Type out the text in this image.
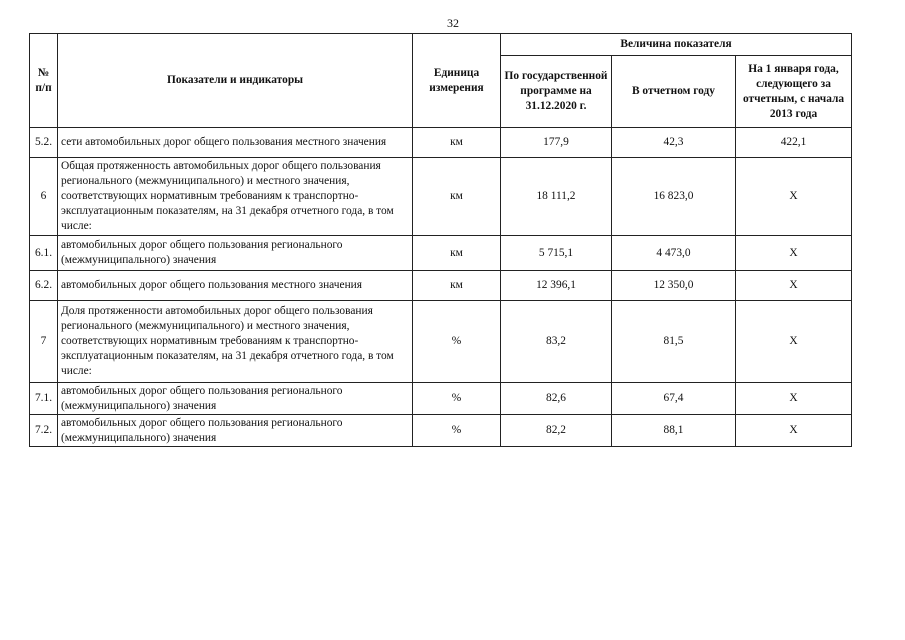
32
№ п/п	Показатели и индикаторы	Единица измерения	Величина показателя		
			По государственной программе на 31.12.2020 г.	В отчетном году	На 1 января года, следующего за отчетным, с начала 2013 года
5.2.	сети автомобильных дорог общего пользования местного значения	км	177,9	42,3	422,1
6	Общая протяженность автомобильных дорог общего пользования регионального (межмуниципального) и местного значения, соответствующих нормативным требованиям к транспортно-эксплуатационным показателям, на 31 декабря отчетного года, в том числе:	км	18 111,2	16 823,0	X
6.1.	автомобильных дорог общего пользования регионального (межмуниципального) значения	км	5 715,1	4 473,0	X
6.2.	автомобильных дорог общего пользования местного значения	км	12 396,1	12 350,0	X
7	Доля протяженности автомобильных дорог общего пользования регионального (межмуниципального) и местного значения, соответствующих нормативным требованиям к транспортно-эксплуатационным показателям, на 31 декабря отчетного года, в том числе:	%	83,2	81,5	X
7.1.	автомобильных дорог общего пользования регионального (межмуниципального) значения	%	82,6	67,4	X
7.2.	автомобильных дорог общего пользования регионального (межмуниципального) значения	%	82,2	88,1	X
